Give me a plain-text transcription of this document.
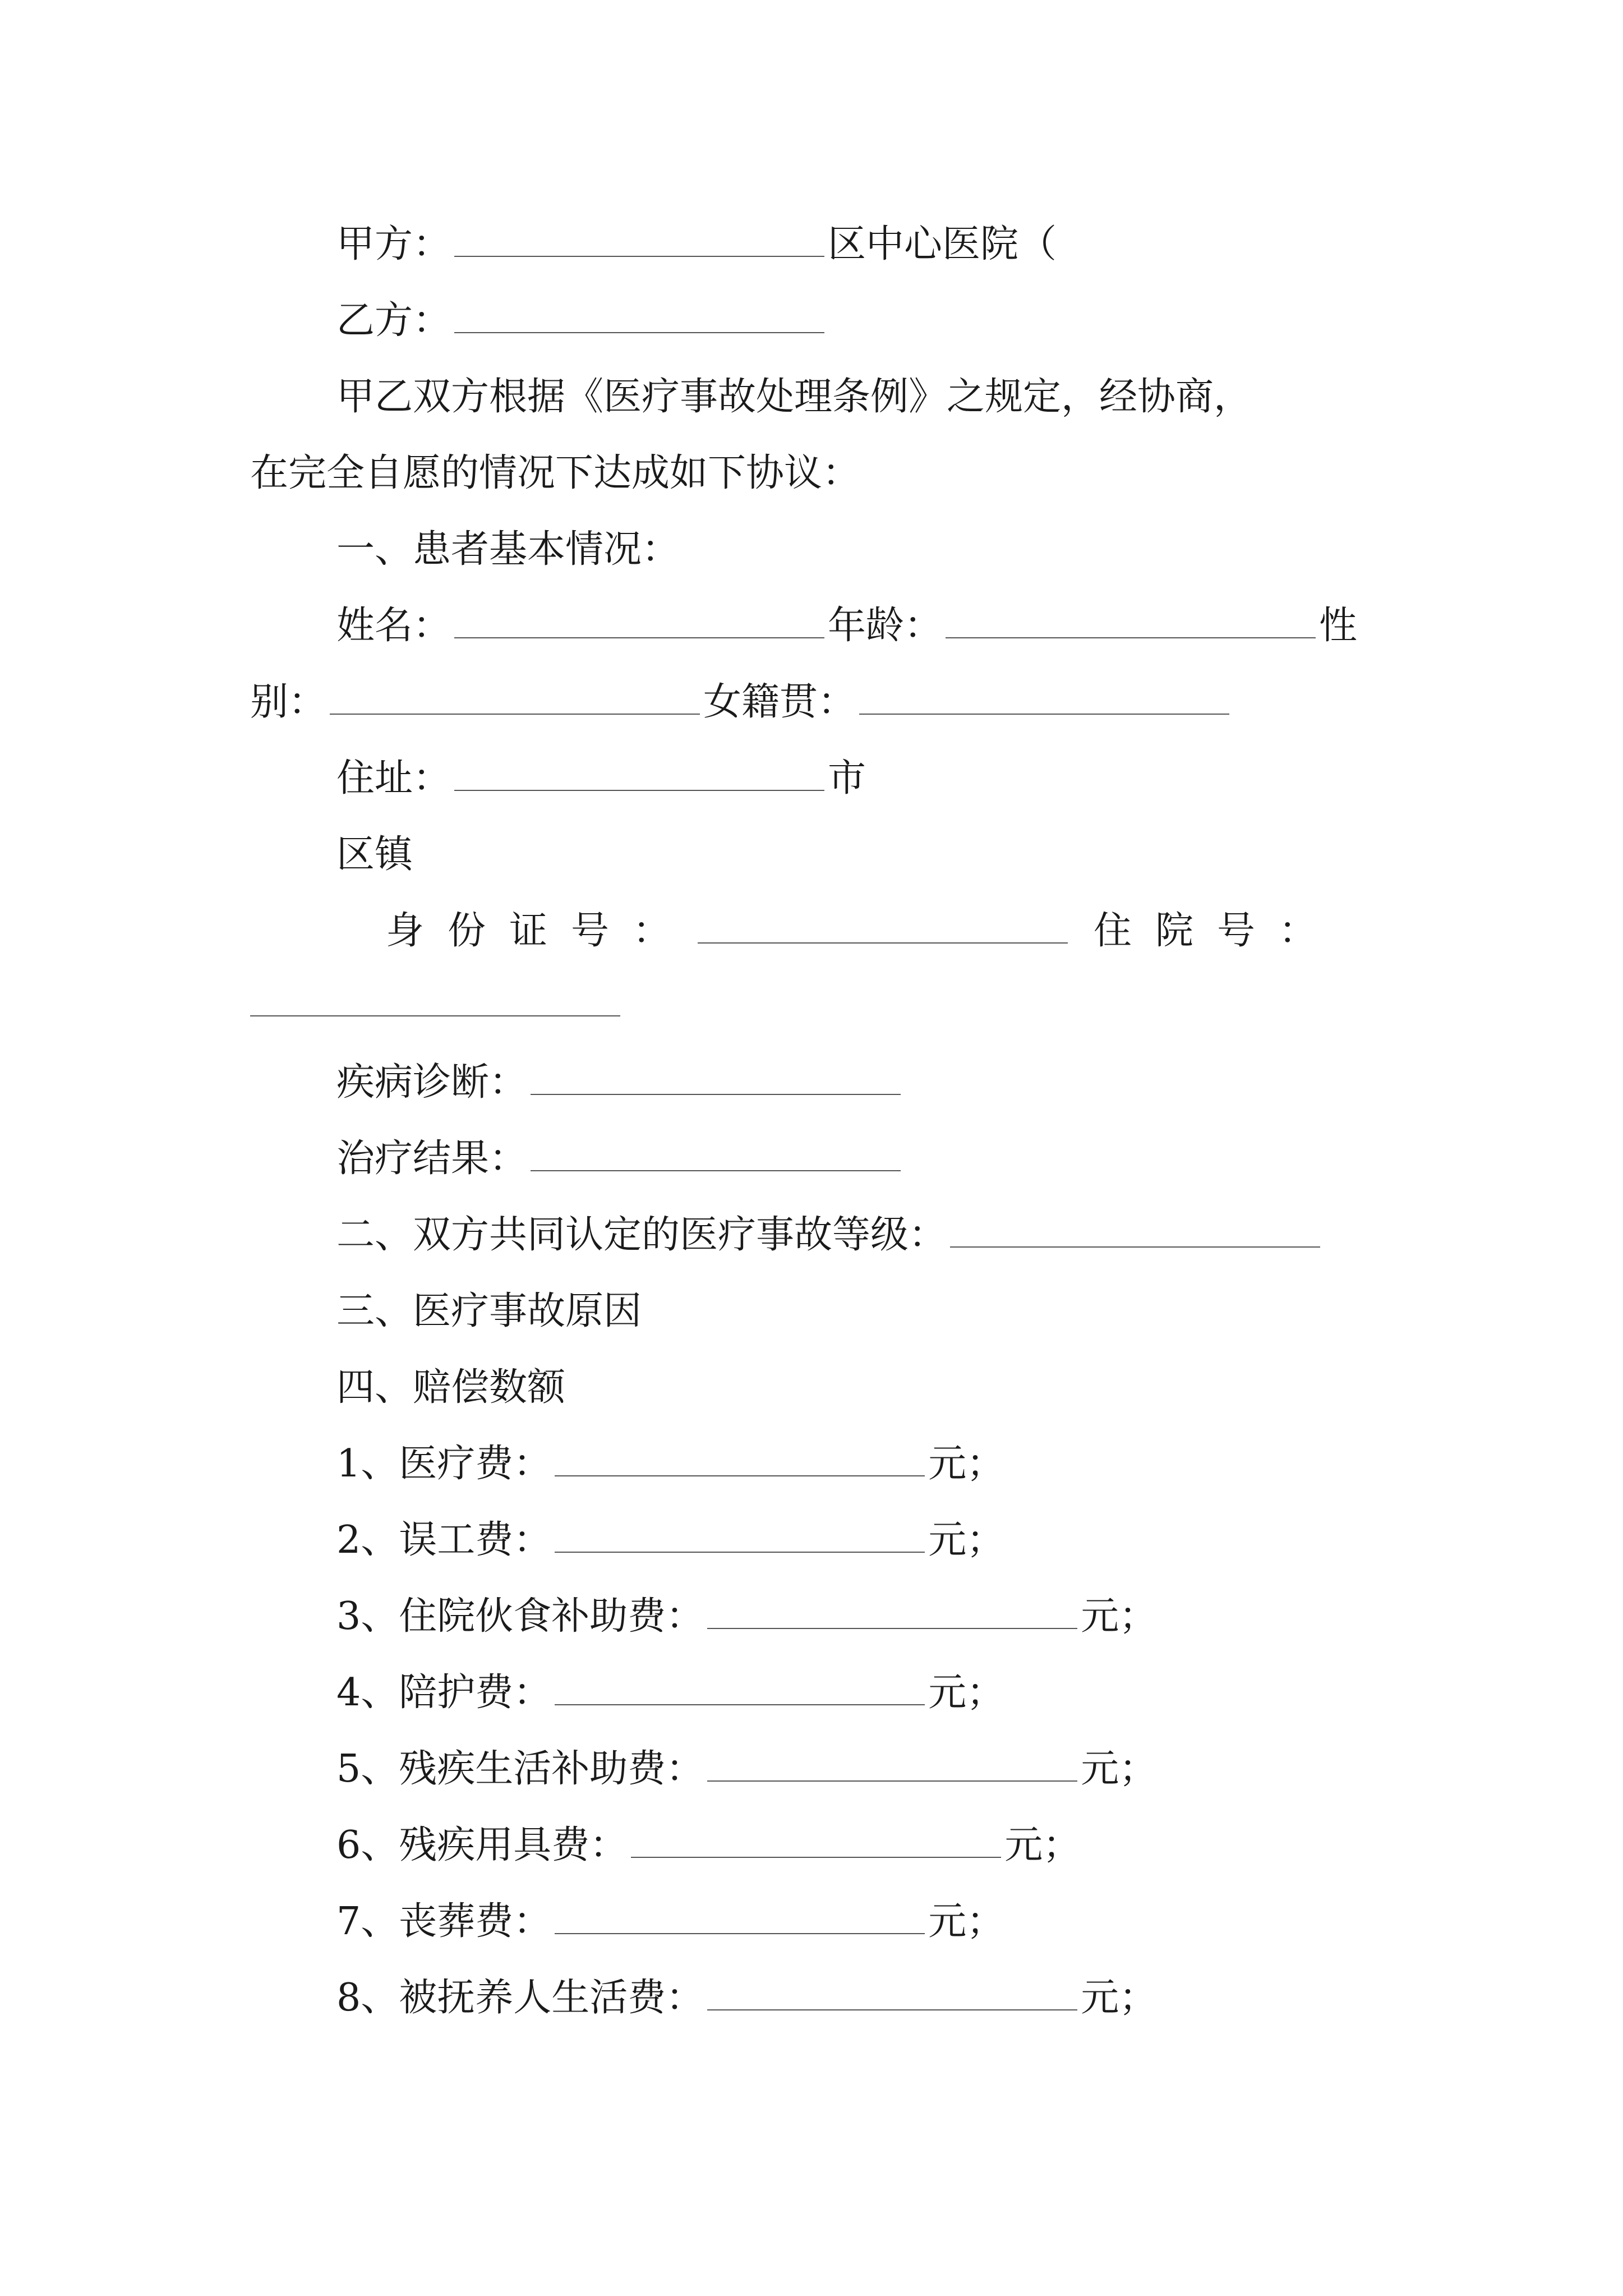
甲方：	区中心医院（
乙方：
甲乙双方根据《医疗事故处理条例》之规定，经协商，
在完全自愿的情况下达成如下协议：
一、患者基本情况：
姓名：	年龄：	性
别：	女籍贯：
住址：	市
区镇
身份证号：	住院号：
疾病诊断：
治疗结果：
二、双方共同认定的医疗事故等级：
三、医疗事故原因
四、赔偿数额
1、医疗费：	元；
2、误工费：	元；
3、住院伙食补助费：	元；
4、陪护费：	元；
5、残疾生活补助费：	元；
6、残疾用具费：	元；
7、丧葬费：	元；
8、被抚养人生活费：	元；
